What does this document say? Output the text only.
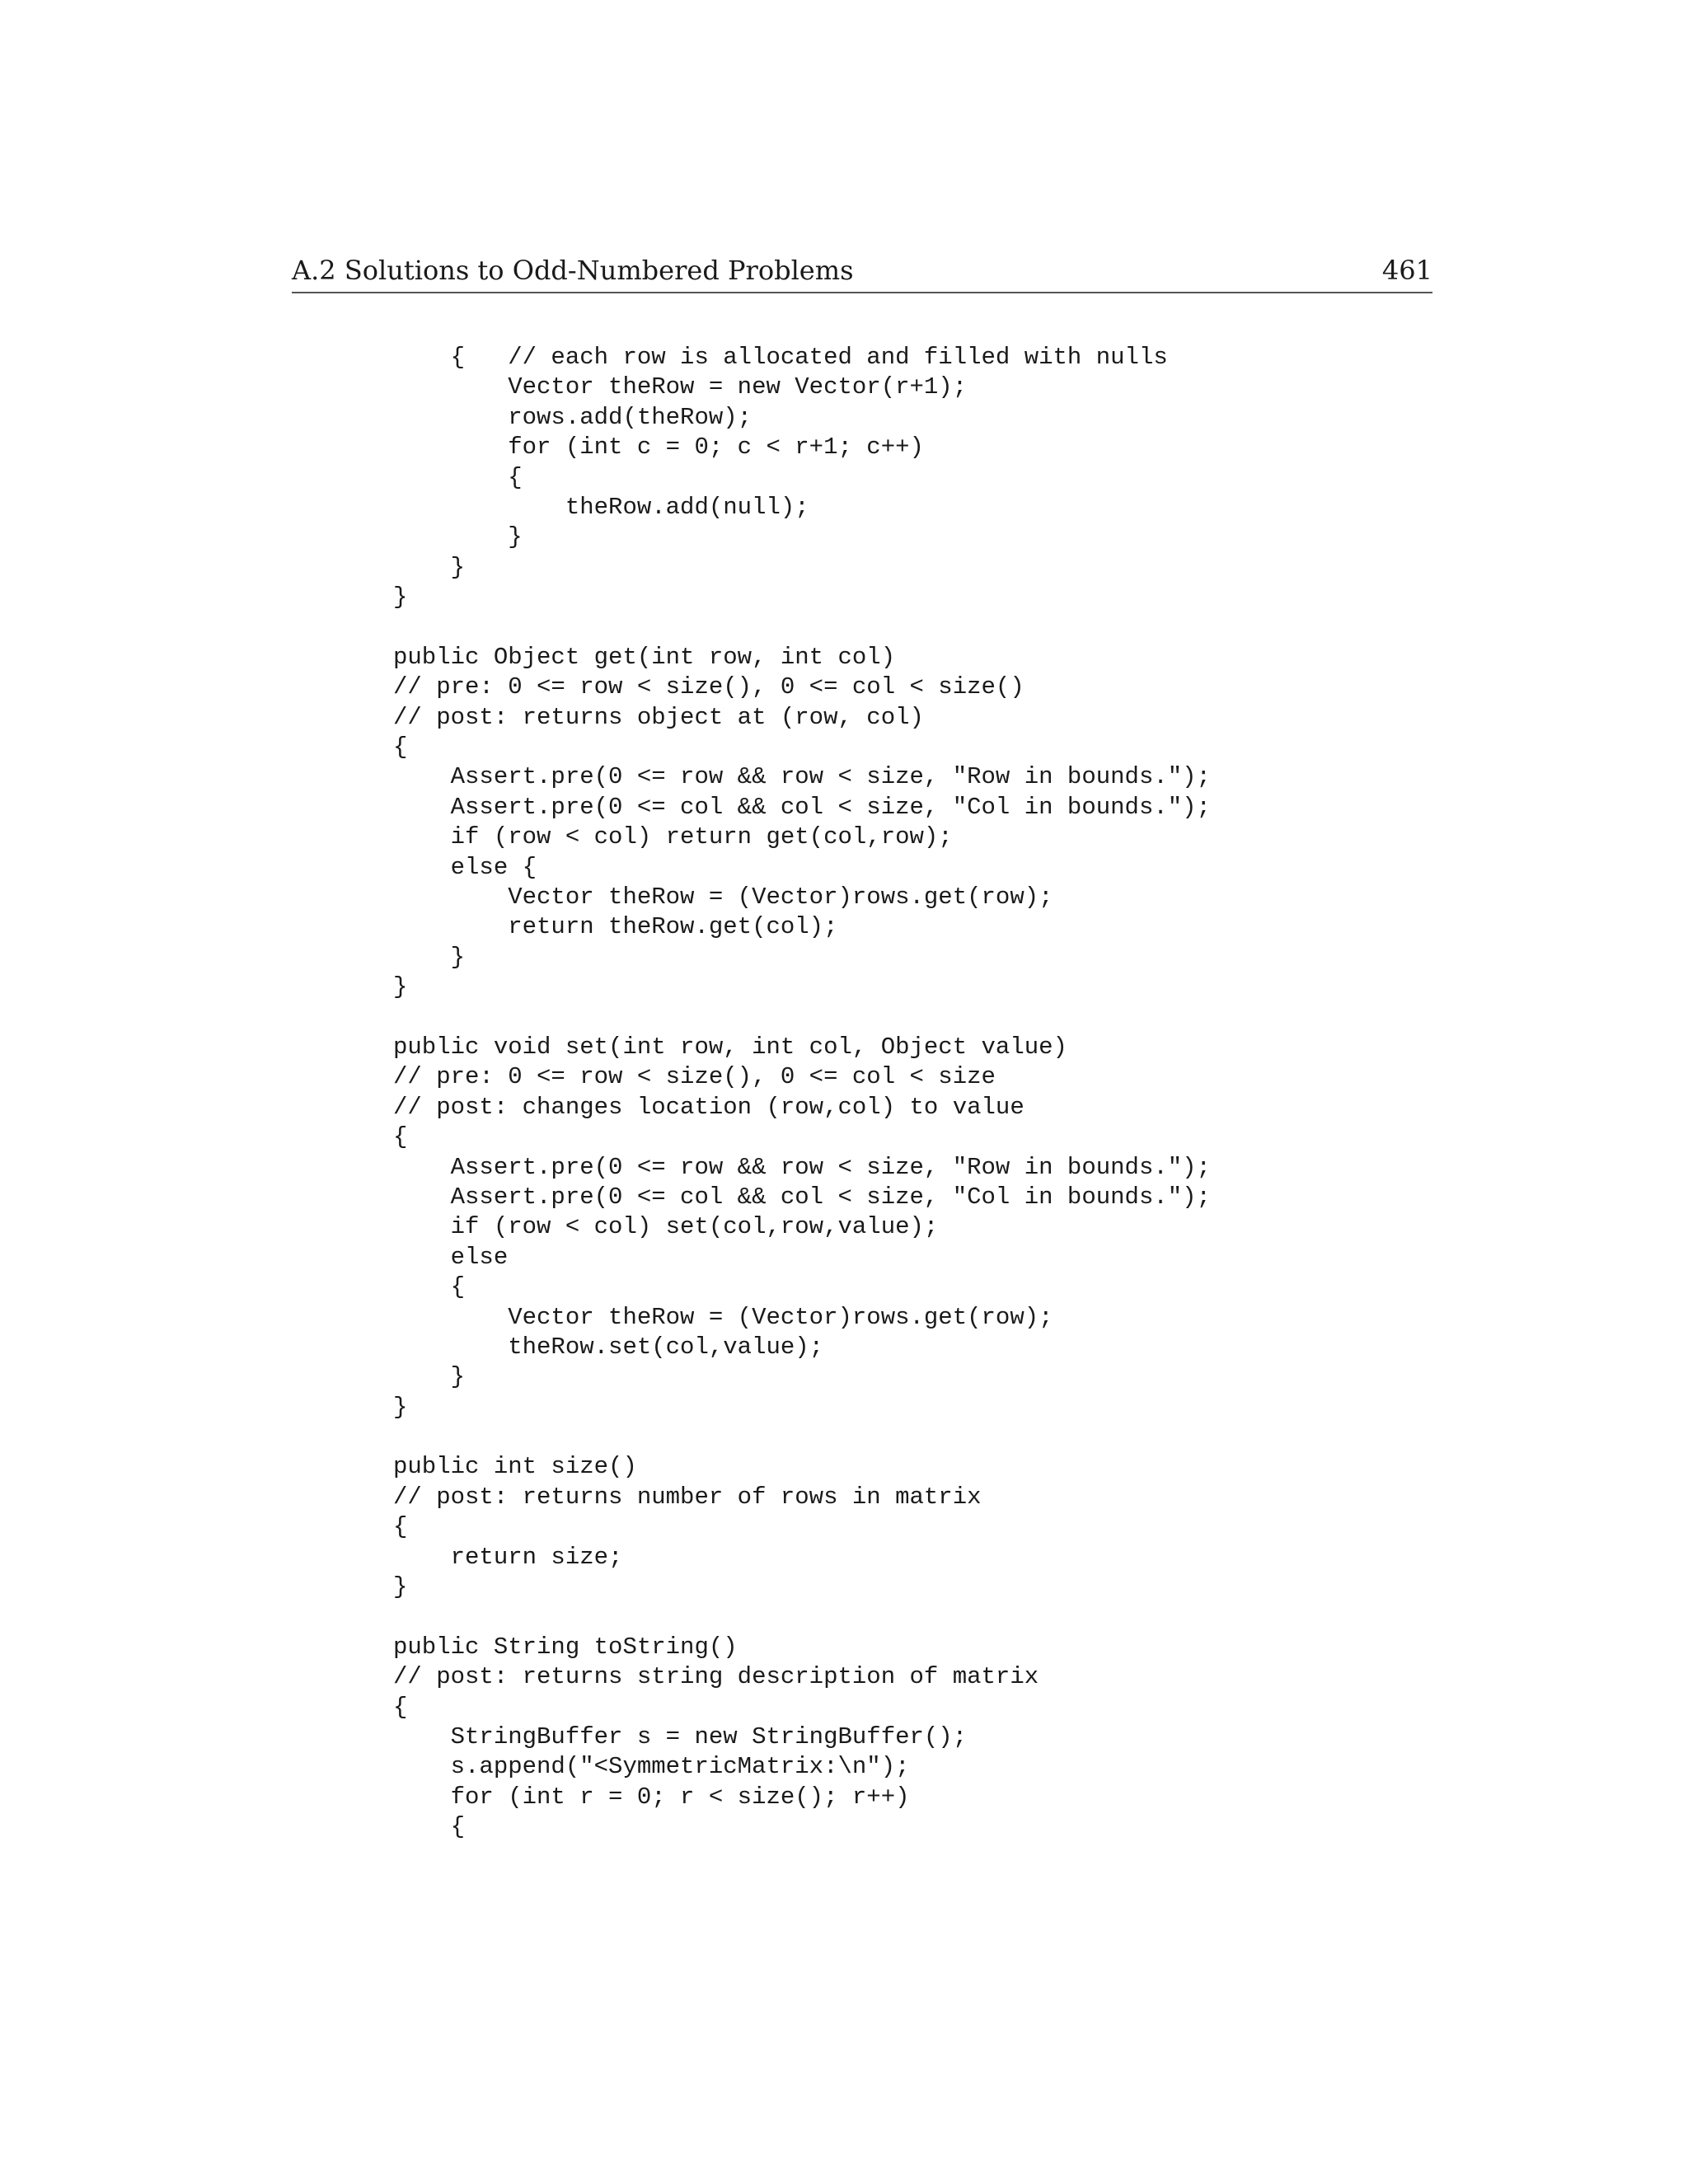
A.2 Solutions to Odd-Numbered Problems	461
{   // each row is allocated and filled with nulls
Vector theRow = new Vector(r+1);
rows.add(theRow);
for (int c = 0; c < r+1; c++)
{
theRow.add(null);
}
}
}
public Object get(int row, int col)
// pre: 0 <= row < size(), 0 <= col < size()
// post: returns object at (row, col)
{
Assert.pre(0 <= row && row < size, "Row in bounds.");
Assert.pre(0 <= col && col < size, "Col in bounds.");
if (row < col) return get(col,row);
else {
Vector theRow = (Vector)rows.get(row);
return theRow.get(col);
}
}
public void set(int row, int col, Object value)
// pre: 0 <= row < size(), 0 <= col < size
// post: changes location (row,col) to value
{
Assert.pre(0 <= row && row < size, "Row in bounds.");
Assert.pre(0 <= col && col < size, "Col in bounds.");
if (row < col) set(col,row,value);
else
{
Vector theRow = (Vector)rows.get(row);
theRow.set(col,value);
}
}
public int size()
// post: returns number of rows in matrix
{
return size;
}
public String toString()
// post: returns string description of matrix
{
StringBuffer s = new StringBuffer();
s.append("<SymmetricMatrix:\n");
for (int r = 0; r < size(); r++)
{
